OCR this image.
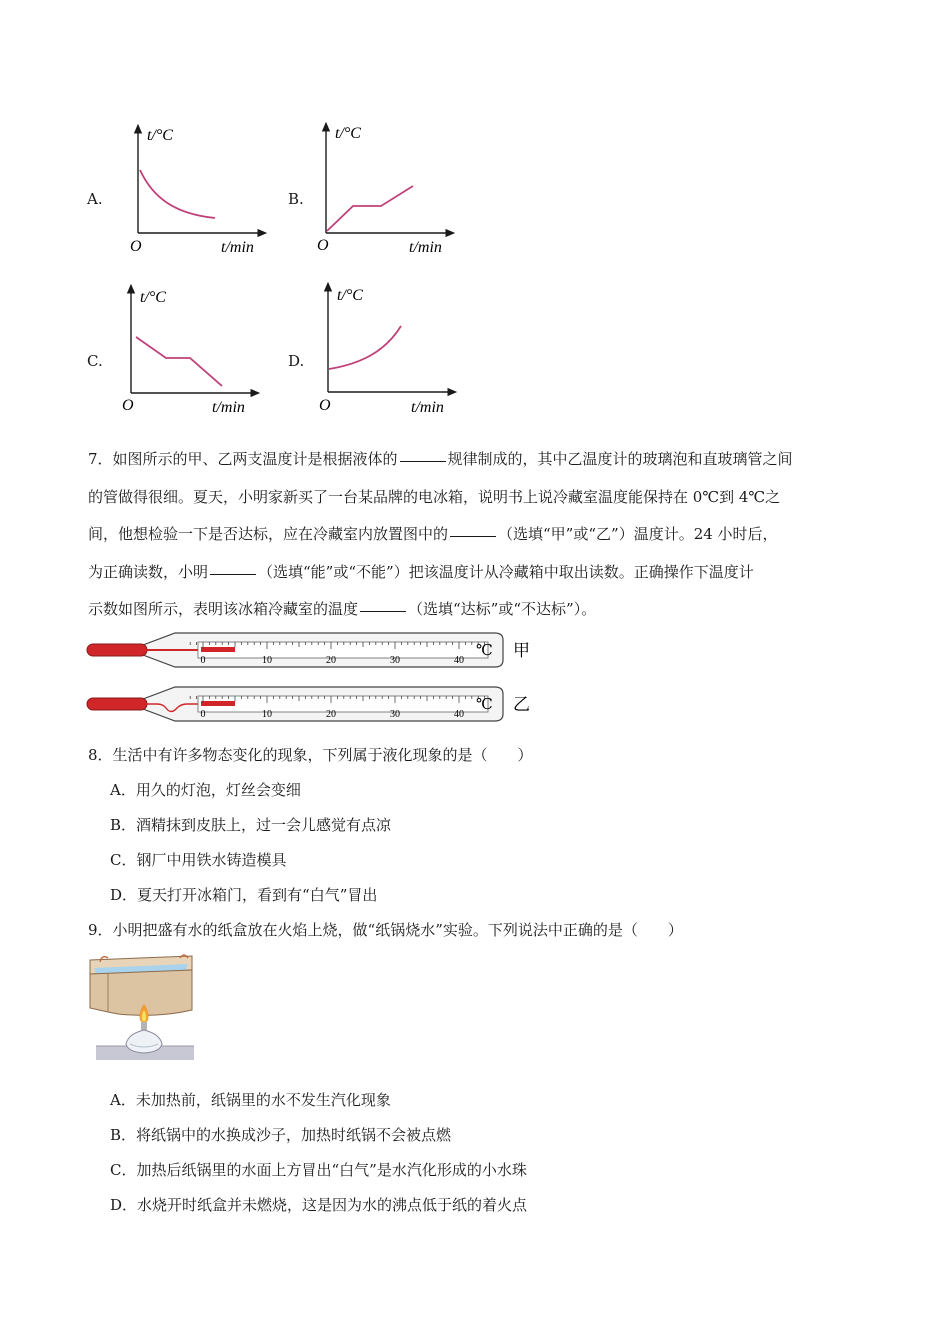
A.	B.
C.	D.
t/°C
O	t/min
t/°C
O	t/min
t/°C
O	t/min
t/°C
O	t/min
7．如图所示的甲、乙两支温度计是根据液体的	规律制成的，其中乙温度计的玻璃泡和直玻璃管之间
的管做得很细。夏天，小明家新买了一台某品牌的电冰箱，说明书上说冷藏室温度能保持在 0℃到 4℃之
间，他想检验一下是否达标，应在冷藏室内放置图中的	（选填“甲”或“乙”）温度计。24 小时后，
为正确读数，小明	（选填“能”或“不能”）把该温度计从冷藏箱中取出读数。正确操作下温度计
示数如图所示，表明该冰箱冷藏室的温度	（选填“达标”或“不达标”）。
0	10	20	30	40
℃ 甲
0	10	20	30	40
℃ 乙
8．生活中有许多物态变化的现象，下列属于液化现象的是（　　）
A．用久的灯泡，灯丝会变细
B．酒精抹到皮肤上，过一会儿感觉有点凉
C．钢厂中用铁水铸造模具
D．夏天打开冰箱门，看到有“白气”冒出
9．小明把盛有水的纸盒放在火焰上烧，做“纸锅烧水”实验。下列说法中正确的是（　　）
A．未加热前，纸锅里的水不发生汽化现象
B．将纸锅中的水换成沙子，加热时纸锅不会被点燃
C．加热后纸锅里的水面上方冒出“白气”是水汽化形成的小水珠
D．水烧开时纸盒并未燃烧，这是因为水的沸点低于纸的着火点
